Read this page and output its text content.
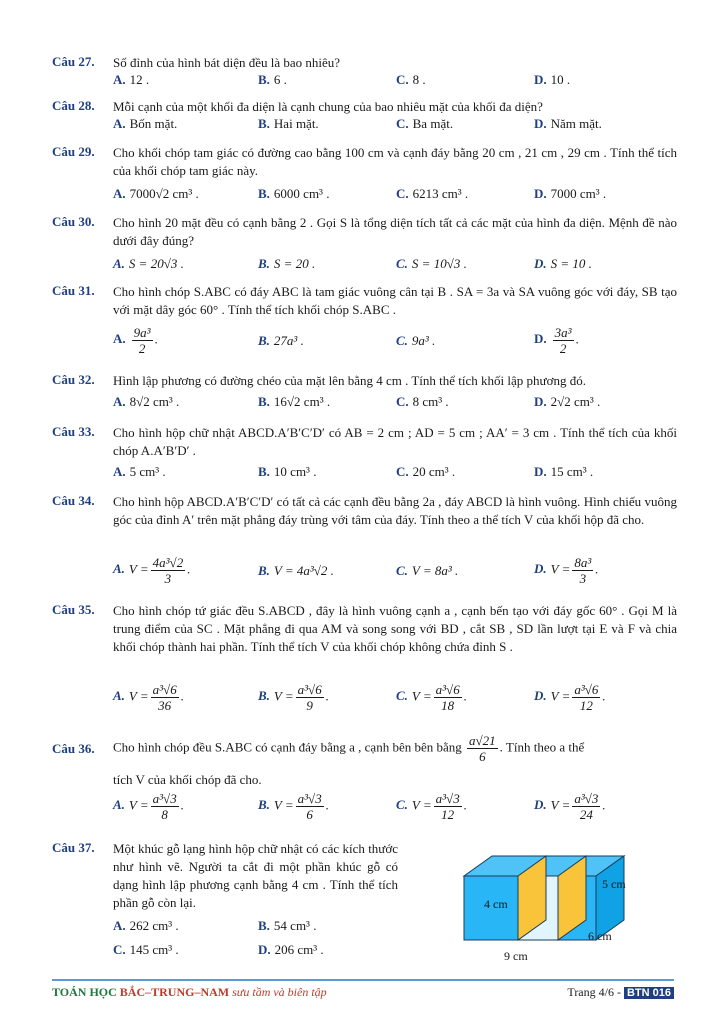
Câu 27. Số đỉnh của hình bát diện đều là bao nhiêu?
A. 12 .	B. 6 .	C. 8 .	D. 10 .
Câu 28. Mỗi cạnh của một khối đa diện là cạnh chung của bao nhiêu mặt của khối đa diện?
A. Bốn mặt.	B. Hai mặt.	C. Ba mặt.	D. Năm mặt.
Câu 29. Cho khối chóp tam giác có đường cao bằng 100 cm và cạnh đáy bằng 20 cm , 21 cm , 29 cm . Tính thể tích của khối chóp tam giác này.
A. 7000√2 cm³ .	B. 6000 cm³ .	C. 6213 cm³ .	D. 7000 cm³ .
Câu 30. Cho hình 20 mặt đều có cạnh bằng 2 . Gọi S là tổng diện tích tất cả các mặt của hình đa diện. Mệnh đề nào dưới đây đúng?
A. S = 20√3 .	B. S = 20 .	C. S = 10√3 .	D. S = 10 .
Câu 31. Cho hình chóp S.ABC có đáy ABC là tam giác vuông cân tại B . SA = 3a và SA vuông góc với đáy, SB tạo với mặt dây góc 60° . Tính thể tích khối chóp S.ABC .
A. $\frac{\text{9a³}}{2}$ .	B. 27a³ .	C. 9a³ .	D. $\frac{\text{3a³}}{2}$ .
Câu 32. Hình lập phương có đường chéo của mặt lên bằng 4 cm . Tính thể tích khối lập phương đó.
A. 8√2 cm³ .	B. 16√2 cm³ .	C. 8 cm³ .	D. 2√2 cm³ .
Câu 33. Cho hình hộp chữ nhật ABCD.A′B′C′D′ có AB = 2 cm ; AD = 5 cm ; AA′ = 3 cm . Tính thể tích của khối chóp A.A′B′D′ .
A. 5 cm³ .	B. 10 cm³ .	C. 20 cm³ .	D. 15 cm³ .
Câu 34. Cho hình hộp ABCD.A′B′C′D′ có tất cả các cạnh đều bằng 2a , đáy ABCD là hình vuông. Hình chiếu vuông góc của đỉnh A′ trên mặt phẳng đáy trùng với tâm của đáy. Tính theo a thể tích V của khối hộp đã cho.
A. $V = \frac{\text{4a³√2}}{3}$ .	B. V = 4a³√2 .	C. V = 8a³ .	D. $V = \frac{\text{8a³}}{3}$ .
Câu 35. Cho hình chóp tứ giác đều S.ABCD , đây là hình vuông cạnh a , cạnh bến tạo với đáy gốc 60° . Gọi M là trung điểm của SC . Mặt phẳng đi qua AM và song song với BD , cắt SB , SD lần lượt tại E và F và chia khối chóp thành hai phần. Tính thể tích V của khối chóp không chứa đỉnh S .
A. $V = \frac{\text{a³√6}}{36}$ .	B. $V = \frac{\text{a³√6}}{9}$ .	C. $V = \frac{\text{a³√6}}{18}$ .	D. $V = \frac{\text{a³√6}}{12}$ .
Câu 36. Cho hình chóp đều S.ABC có cạnh đáy bằng a , cạnh bên bên bằng $\frac{a√21}{6}$ . Tính theo a thể
tích V của khối chóp đã cho.
A. $V = \frac{\text{a³√3}}{8}$ .	B. $V = \frac{\text{a³√3}}{6}$ .	C. $V = \frac{\text{a³√3}}{12}$ .	D. $V = \frac{\text{a³√3}}{24}$ .
Câu 37. Một khúc gỗ lạng hình hộp chữ nhật có các kích thước như hình vẽ. Người ta cắt đi một phần khúc gỗ có dạng hình lập phương cạnh bằng 4 cm . Tính thể tích phần gỗ còn lại.
A. 262 cm³ .	B. 54 cm³ .
C. 145 cm³ .	D. 206 cm³ .
5 cm
4 cm
6 cm
9 cm
TOÁN HỌC BẮC–TRUNG–NAM sưu tầm và biên tập	Trang 4/6 - BTN 016
